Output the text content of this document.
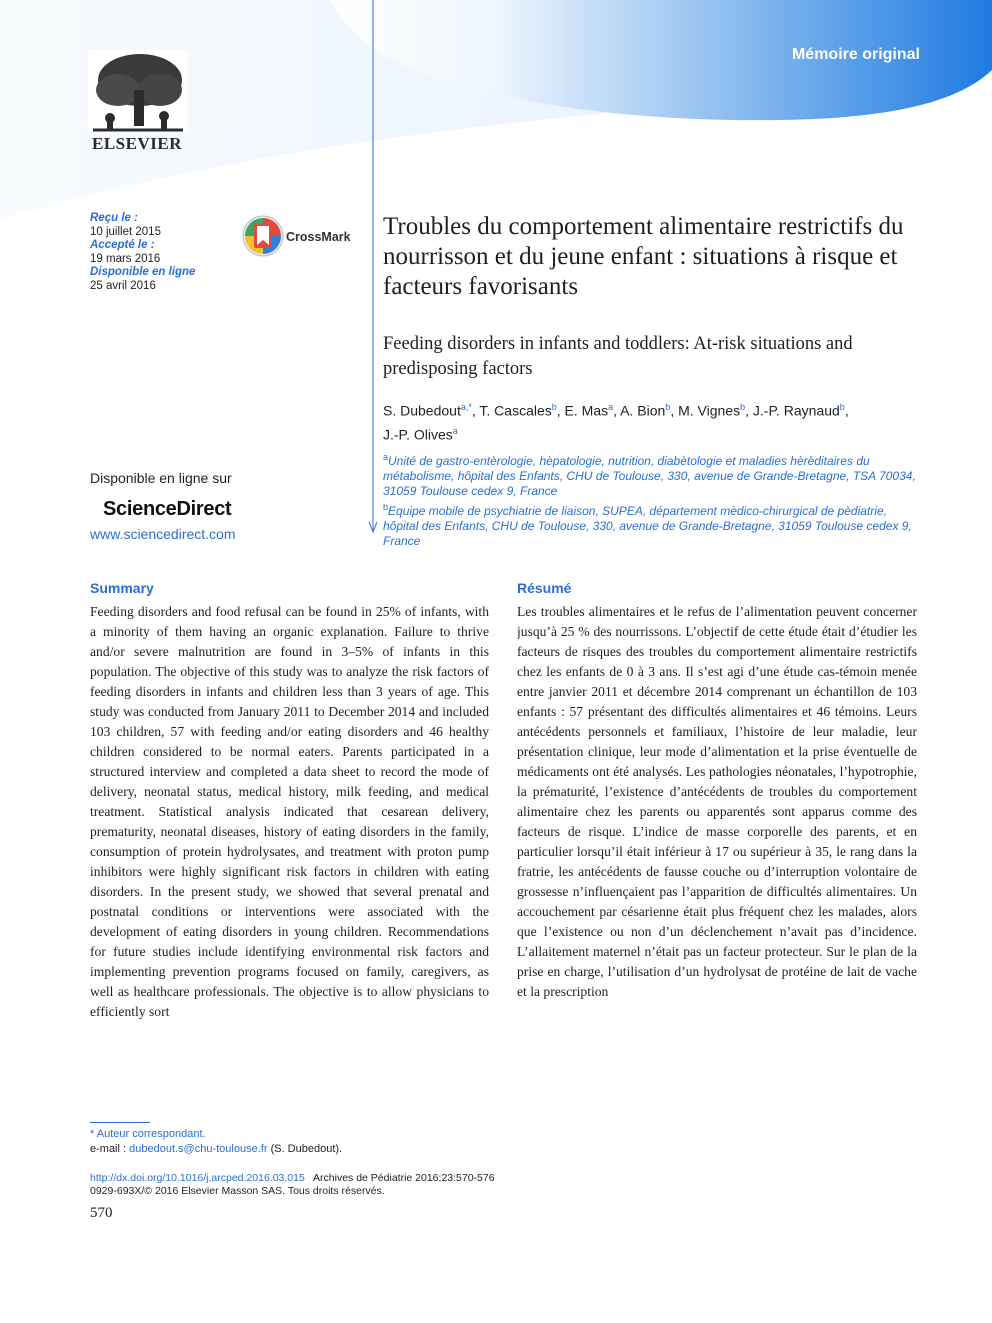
Mémoire original
ELSEVIER
Reçu le :
10 juillet 2015
Accepté le :
19 mars 2016
Disponible en ligne
25 avril 2016
CrossMark Troubles du comportement alimentaire restrictifs du nourrisson et du jeune enfant : situations à risque et facteurs favorisants
Feeding disorders in infants and toddlers: At-risk situations and predisposing factors
S. Dubedout$^{a,*}$, T. Cascales$^b$, E. Mas$^a$, A. Bion$^b$, M. Vignes$^b$, J.-P. Raynaud$^b$,
J.-P. Olives$^a$
$^a$Unité de gastro-entèrologie, hèpatologie, nutrition, diabètologie et maladies hèrèditaires du métabolisme, hôpital des Enfants, CHU de Toulouse, 330, avenue de Grande-Bretagne, TSA 70034, 31059 Toulouse cedex 9, France
$^b$Equipe mobile de psychiatrie de liaison, SUPEA, département mèdico-chirurgical de pèdiatrie, hôpital des Enfants, CHU de Toulouse, 330, avenue de Grande-Bretagne, 31059 Toulouse cedex 9, France
Disponible en ligne sur
ScienceDirect
www.sciencedirect.com
Summary
Feeding disorders and food refusal can be found in 25% of infants, with a minority of them having an organic explanation. Failure to thrive and/or severe malnutrition are found in 3–5% of infants in this population. The objective of this study was to analyze the risk factors of feeding disorders in infants and children less than 3 years of age. This study was conducted from January 2011 to December 2014 and included 103 children, 57 with feeding and/or eating disorders and 46 healthy children considered to be normal eaters. Parents participated in a structured interview and completed a data sheet to record the mode of delivery, neonatal status, medical history, milk feeding, and medical treatment. Statistical analysis indicated that cesarean delivery, prematurity, neonatal diseases, history of eating disorders in the family, consumption of protein hydrolysates, and treatment with proton pump inhibitors were highly significant risk factors in children with eating disorders. In the present study, we showed that several prenatal and postnatal conditions or interventions were associated with the development of eating disorders in young children. Recommendations for future studies include identifying environmental risk factors and implementing prevention programs focused on family, caregivers, as well as healthcare professionals. The objective is to allow physicians to efficiently sort
Résumé
Les troubles alimentaires et le refus de l’alimentation peuvent concerner jusqu’à 25 % des nourrissons. L’objectif de cette étude était d’étudier les facteurs de risques des troubles du comportement alimentaire restrictifs chez les enfants de 0 à 3 ans. Il s’est agi d’une étude cas-témoin menée entre janvier 2011 et décembre 2014 comprenant un échantillon de 103 enfants : 57 présentant des difficultés alimentaires et 46 témoins. Leurs antécédents personnels et familiaux, l’histoire de leur maladie, leur présentation clinique, leur mode d’alimentation et la prise éventuelle de médicaments ont été analysés. Les pathologies néonatales, l’hypotrophie, la prématurité, l’existence d’antécédents de troubles du comportement alimentaire chez les parents ou apparentés sont apparus comme des facteurs de risque. L’indice de masse corporelle des parents, et en particulier lorsqu’il était inférieur à 17 ou supérieur à 35, le rang dans la fratrie, les antécédents de fausse couche ou d’interruption volontaire de grossesse n’influençaient pas l’apparition de difficultés alimentaires. Un accouchement par césarienne était plus fréquent chez les malades, alors que l’existence ou non d’un déclenchement n’avait pas d’incidence. L’allaitement maternel n’était pas un facteur protecteur. Sur le plan de la prise en charge, l’utilisation d’un hydrolysat de protéine de lait de vache et la prescription
* Auteur correspondant.
e-mail : dubedout.s@chu-toulouse.fr (S. Dubedout).
http://dx.doi.org/10.1016/j.arcped.2016.03.015 Archives de Pédiatrie 2016;23:570-576
0929-693X/© 2016 Elsevier Masson SAS. Tous droits réservés.
570
